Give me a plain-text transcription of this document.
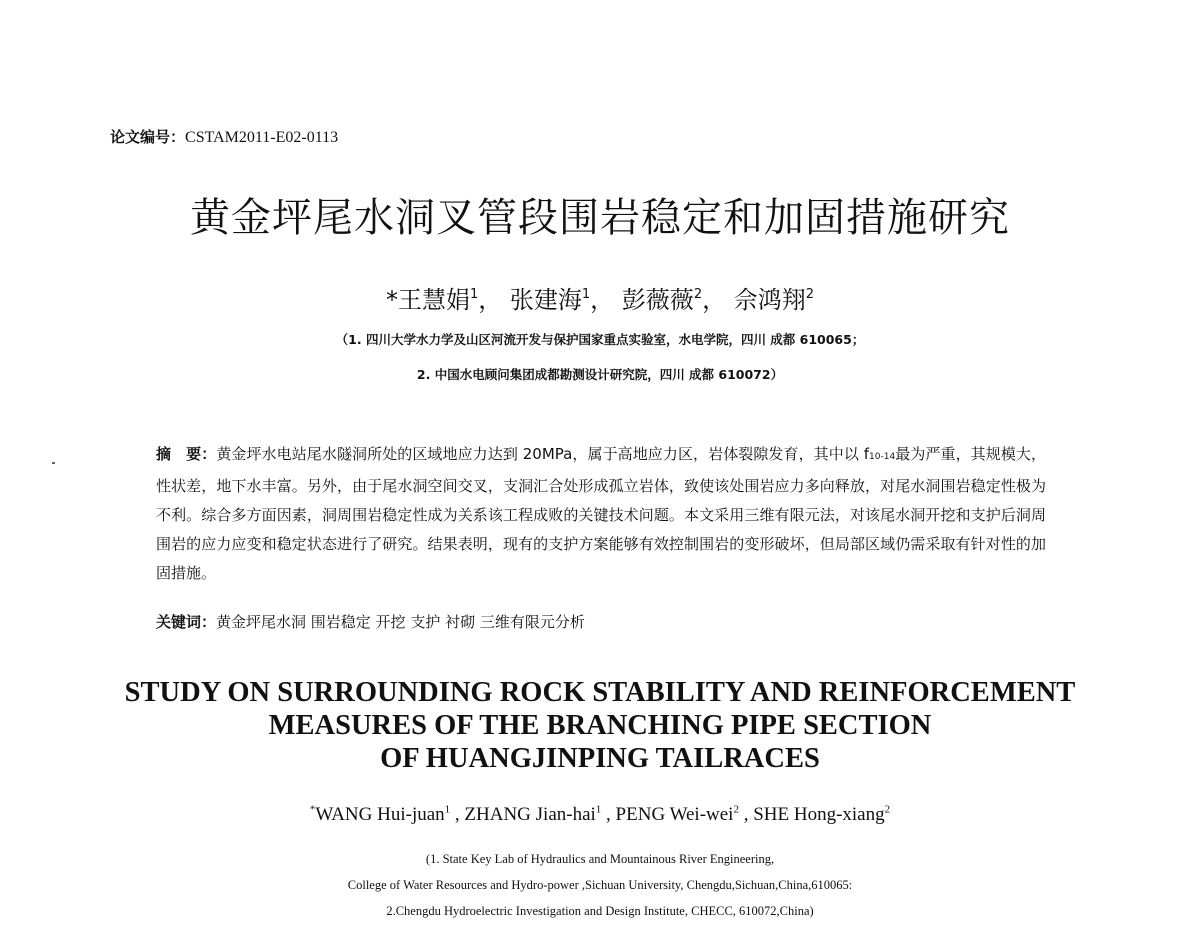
论文编号：CSTAM2011-E02-0113
黄金坪尾水洞叉管段围岩稳定和加固措施研究
*王慧娟$^1$， 张建海$^1$， 彭薇薇$^2$， 佘鸿翔$^2$
（1. 四川大学水力学及山区河流开发与保护国家重点实验室，水电学院，四川 成都 610065；
2. 中国水电顾问集团成都勘测设计研究院，四川 成都 610072）
摘　要：黄金坪水电站尾水隧洞所处的区域地应力达到 20MPa，属于高地应力区，岩体裂隙发育，其中以 f10-14最为严重，其规模大，性状差，地下水丰富。另外，由于尾水洞空间交叉，支洞汇合处形成孤立岩体，致使该处围岩应力多向释放，对尾水洞围岩稳定性极为不利。综合多方面因素，洞周围岩稳定性成为关系该工程成败的关键技术问题。本文采用三维有限元法，对该尾水洞开挖和支护后洞周围岩的应力应变和稳定状态进行了研究。结果表明，现有的支护方案能够有效控制围岩的变形破坏，但局部区域仍需采取有针对性的加固措施。
关键词：黄金坪尾水洞 围岩稳定 开挖 支护 衬砌 三维有限元分析
STUDY ON SURROUNDING ROCK STABILITY AND REINFORCEMENT
MEASURES OF THE BRANCHING PIPE SECTION
OF HUANGJINPING TAILRACES
*WANG Hui-juan$^1$ , ZHANG Jian-hai$^1$ , PENG Wei-wei$^2$ , SHE Hong-xiang$^2$
(1. State Key Lab of Hydraulics and Mountainous River Engineering,
College of Water Resources and Hydro-power ,Sichuan University, Chengdu,Sichuan,China,610065:
2.Chengdu Hydroelectric Investigation and Design Institute, CHECC, 610072,China)
